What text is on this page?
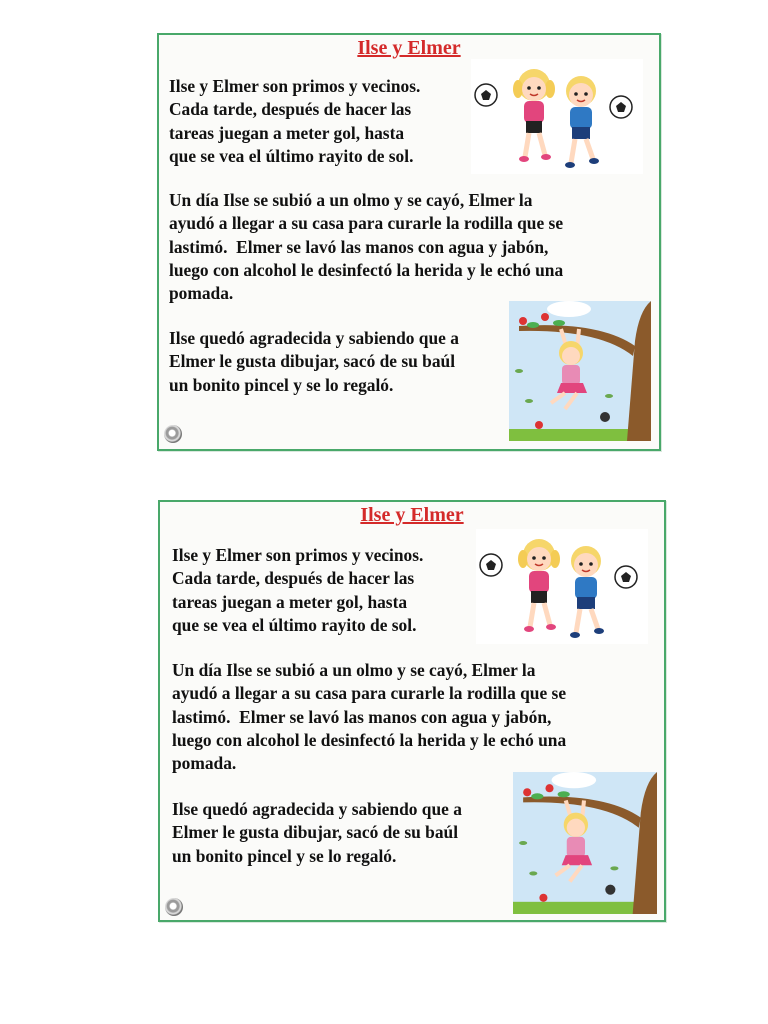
Ilse y Elmer
Ilse y Elmer son primos y vecinos.
Cada tarde, después de hacer las
tareas juegan a meter gol, hasta
que se vea el último rayito de sol.
Un día Ilse se subió a un olmo y se cayó, Elmer la
ayudó a llegar a su casa para curarle la rodilla que se
lastimó.  Elmer se lavó las manos con agua y jabón,
luego con alcohol le desinfectó la herida y le echó una
pomada.
Ilse quedó agradecida y sabiendo que a
Elmer le gusta dibujar, sacó de su baúl
un bonito pincel y se lo regaló.
Ilse y Elmer
Ilse y Elmer son primos y vecinos.
Cada tarde, después de hacer las
tareas juegan a meter gol, hasta
que se vea el último rayito de sol.
Un día Ilse se subió a un olmo y se cayó, Elmer la
ayudó a llegar a su casa para curarle la rodilla que se
lastimó.  Elmer se lavó las manos con agua y jabón,
luego con alcohol le desinfectó la herida y le echó una
pomada.
Ilse quedó agradecida y sabiendo que a
Elmer le gusta dibujar, sacó de su baúl
un bonito pincel y se lo regaló.
